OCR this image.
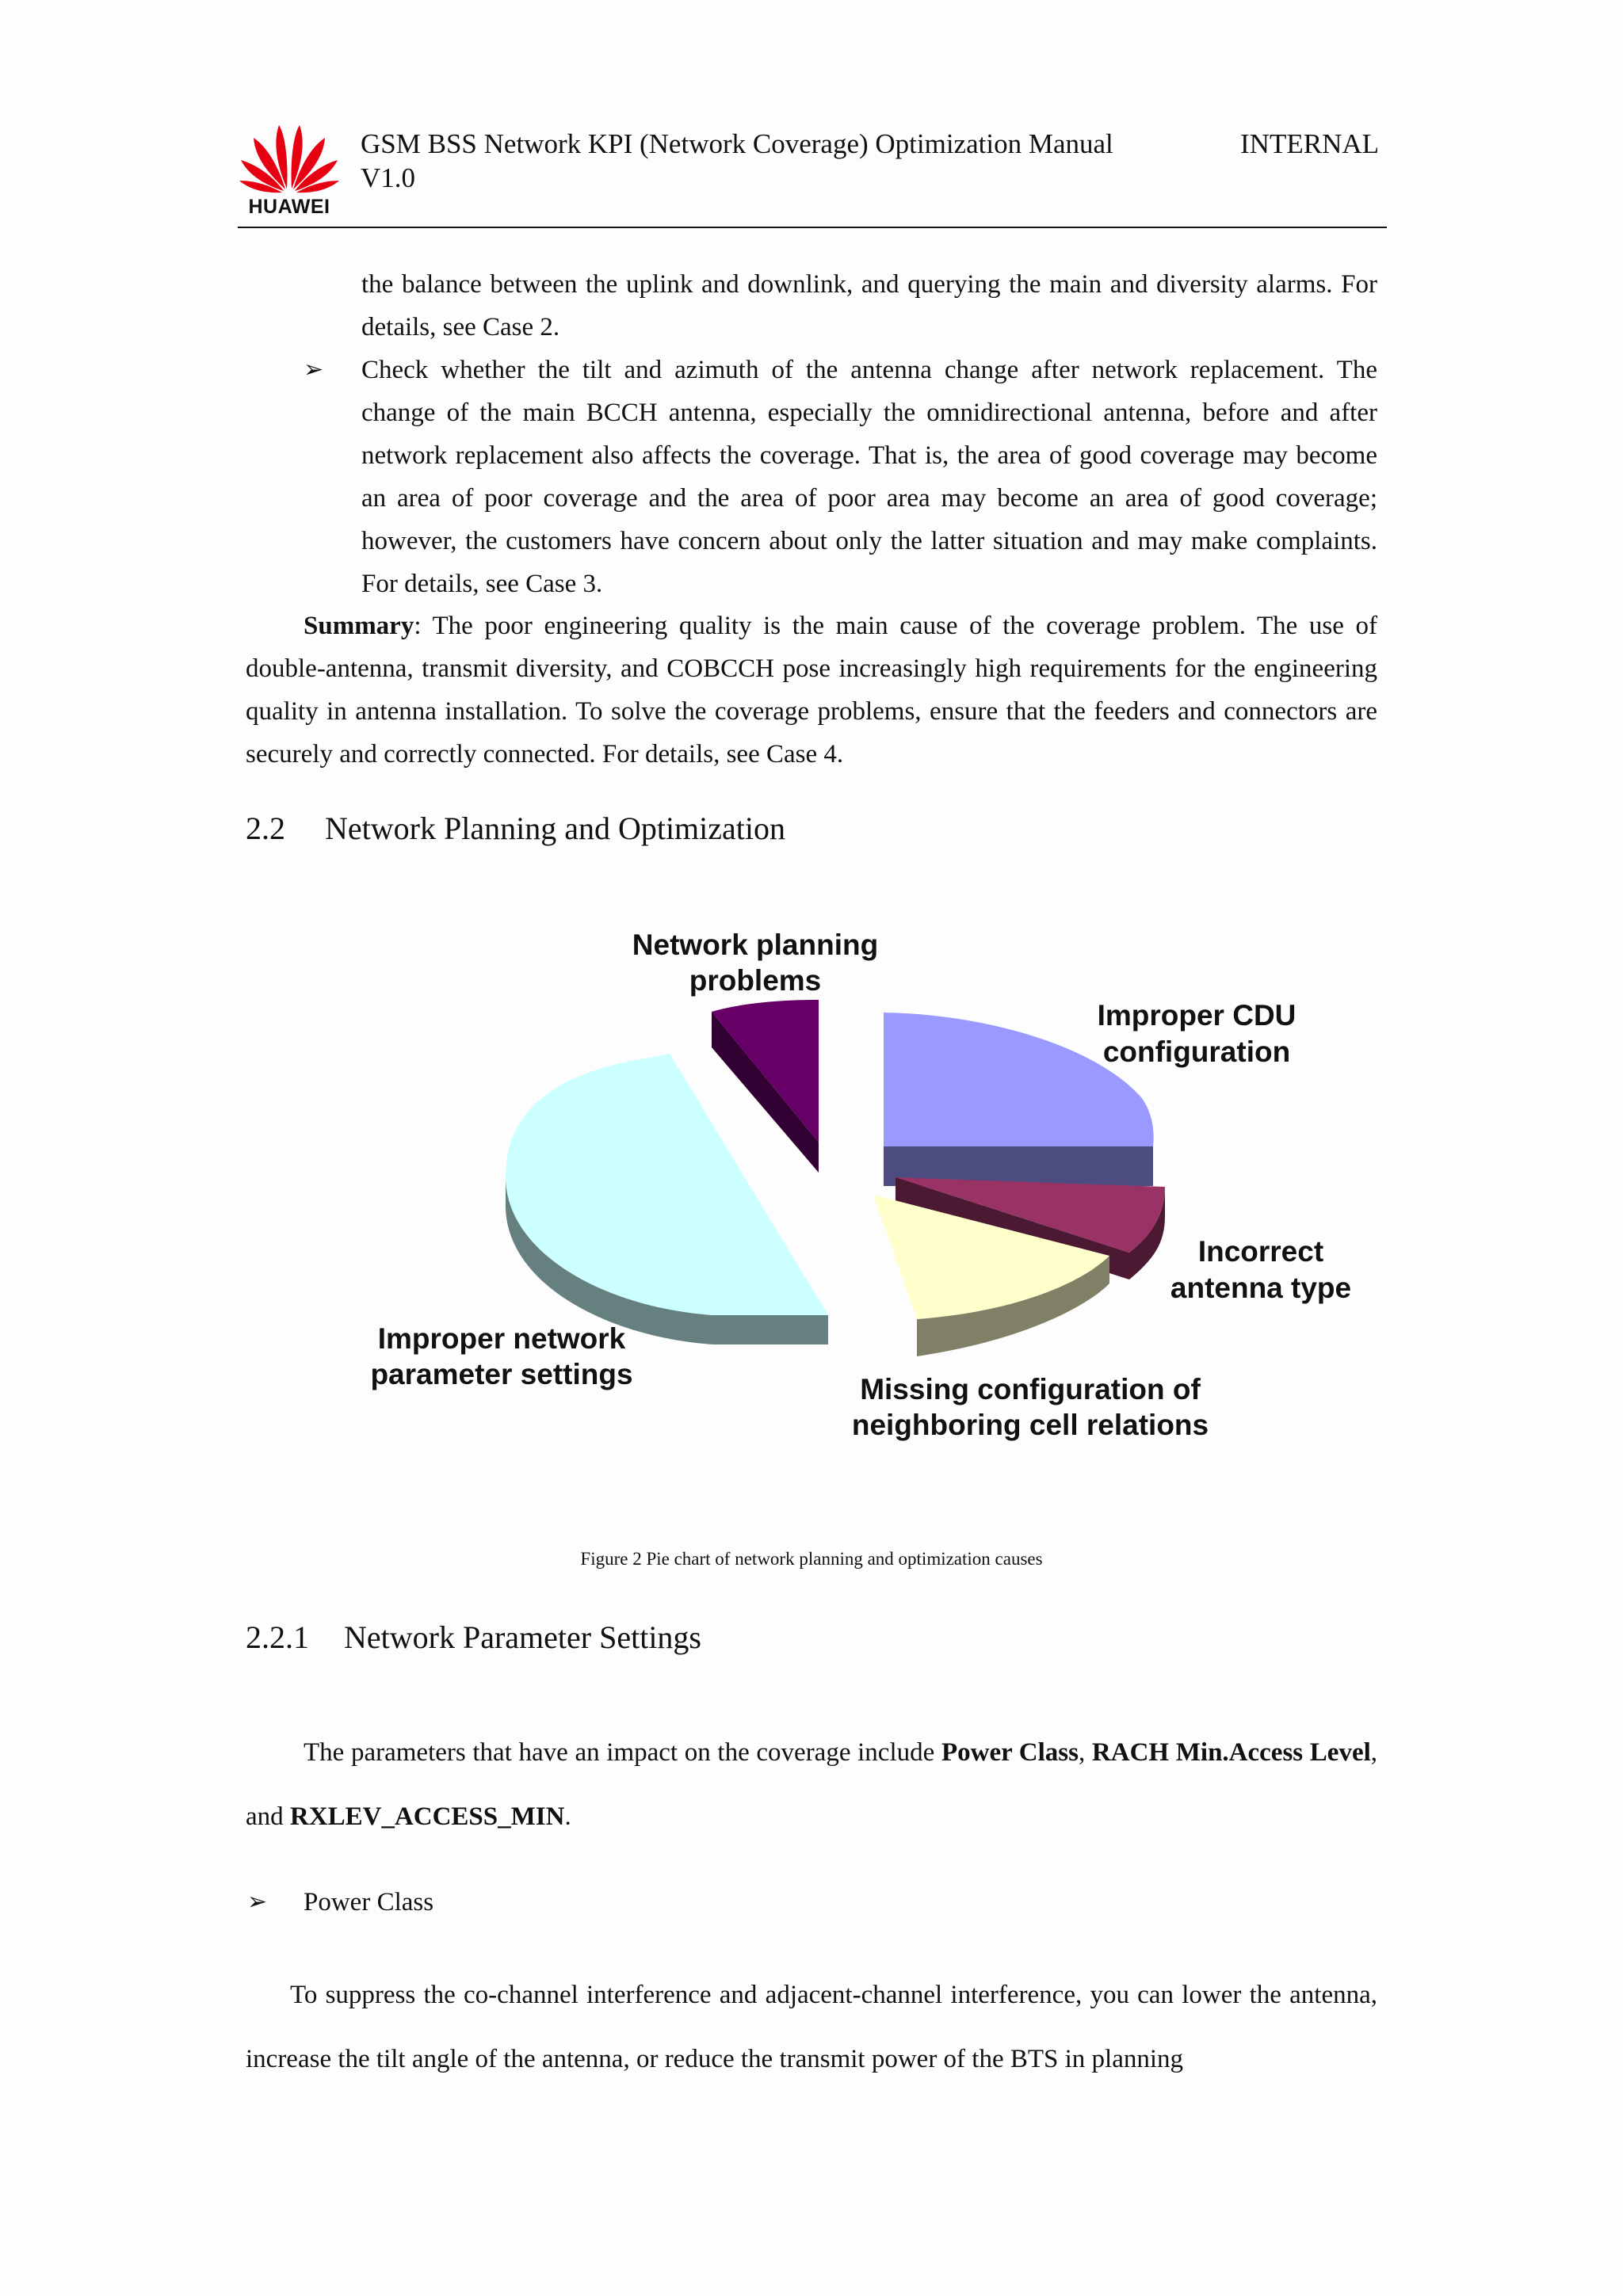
HUAWEI
GSM BSS Network KPI (Network Coverage) Optimization Manual
V1.0
INTERNAL

the balance between the uplink and downlink, and querying the main and diversity alarms. For details, see Case 2.

➢ Check whether the tilt and azimuth of the antenna change after network replacement. The change of the main BCCH antenna, especially the omnidirectional antenna, before and after network replacement also affects the coverage. That is, the area of good coverage may become an area of poor coverage and the area of poor area may become an area of good coverage; however, the customers have concern about only the latter situation and may make complaints. For details, see Case 3.

Summary: The poor engineering quality is the main cause of the coverage problem. The use of double-antenna, transmit diversity, and COBCCH pose increasingly high requirements for the engineering quality in antenna installation. To solve the coverage problems, ensure that the feeders and connectors are securely and correctly connected. For details, see Case 4.

2.2 Network Planning and Optimization
Network planning
problems
Improper CDU
configuration
Incorrect
antenna type
Improper network
parameter settings	Missing configuration of
neighboring cell relations
Figure 2 Pie chart of network planning and optimization causes
2.2.1 Network Parameter Settings

The parameters that have an impact on the coverage include Power Class, RACH Min.Access Level, and RXLEV_ACCESS_MIN.

➢ Power Class

To suppress the co-channel interference and adjacent-channel interference, you can lower the antenna, increase the tilt angle of the antenna, or reduce the transmit power of the BTS in planning
